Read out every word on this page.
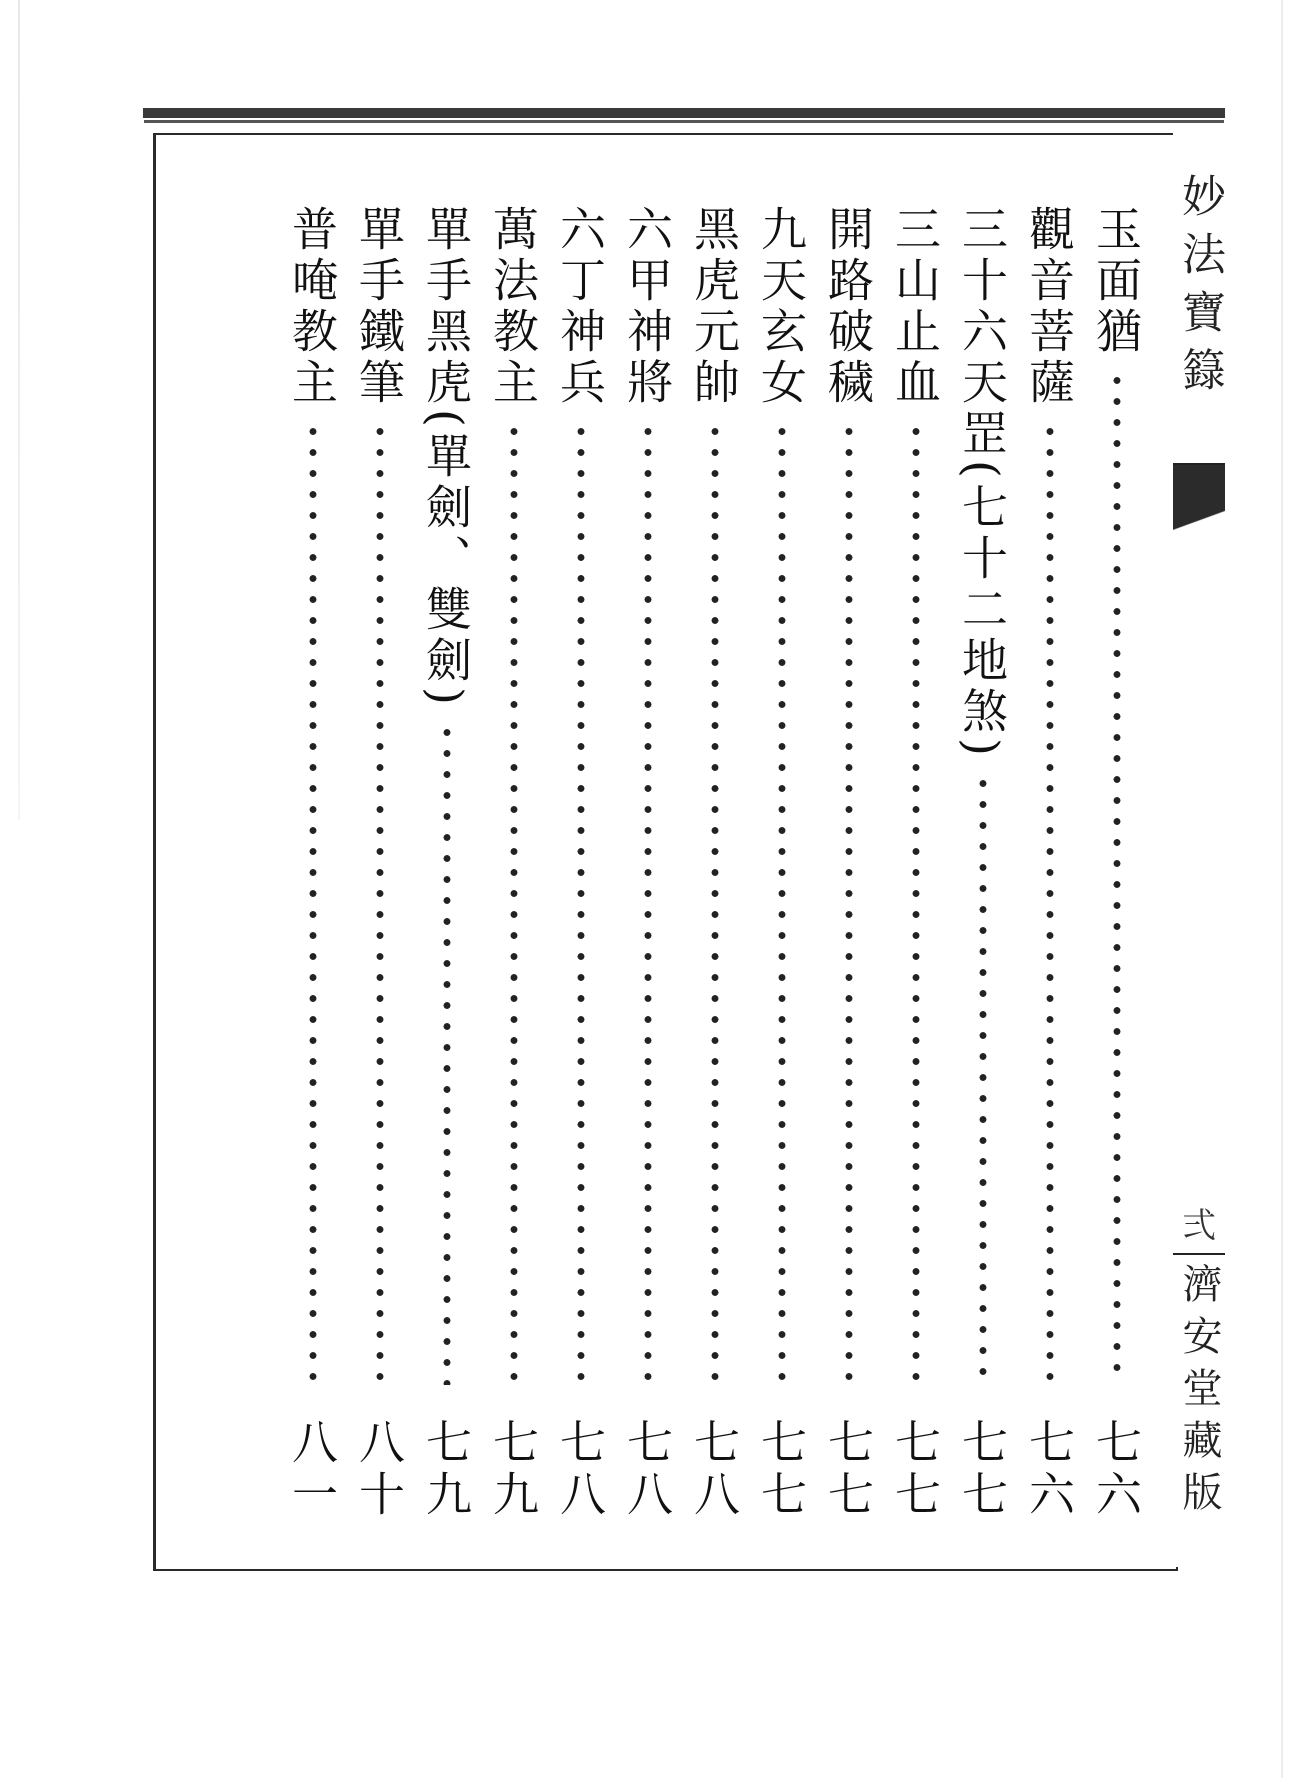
玉面猶
七六
觀音菩薩
七六
三十六天罡(七十二地煞)
七七
三山止血
七七
開路破穢
七七
九天玄女
七七
黑虎元帥
七八
六甲神將
七八
六丁神兵
七八
萬法教主
七九
單手黑虎(單劍、雙劍)
七九
單手鐵筆
八十
普唵教主
八一
妙法寶籙
弍
濟安堂藏版
